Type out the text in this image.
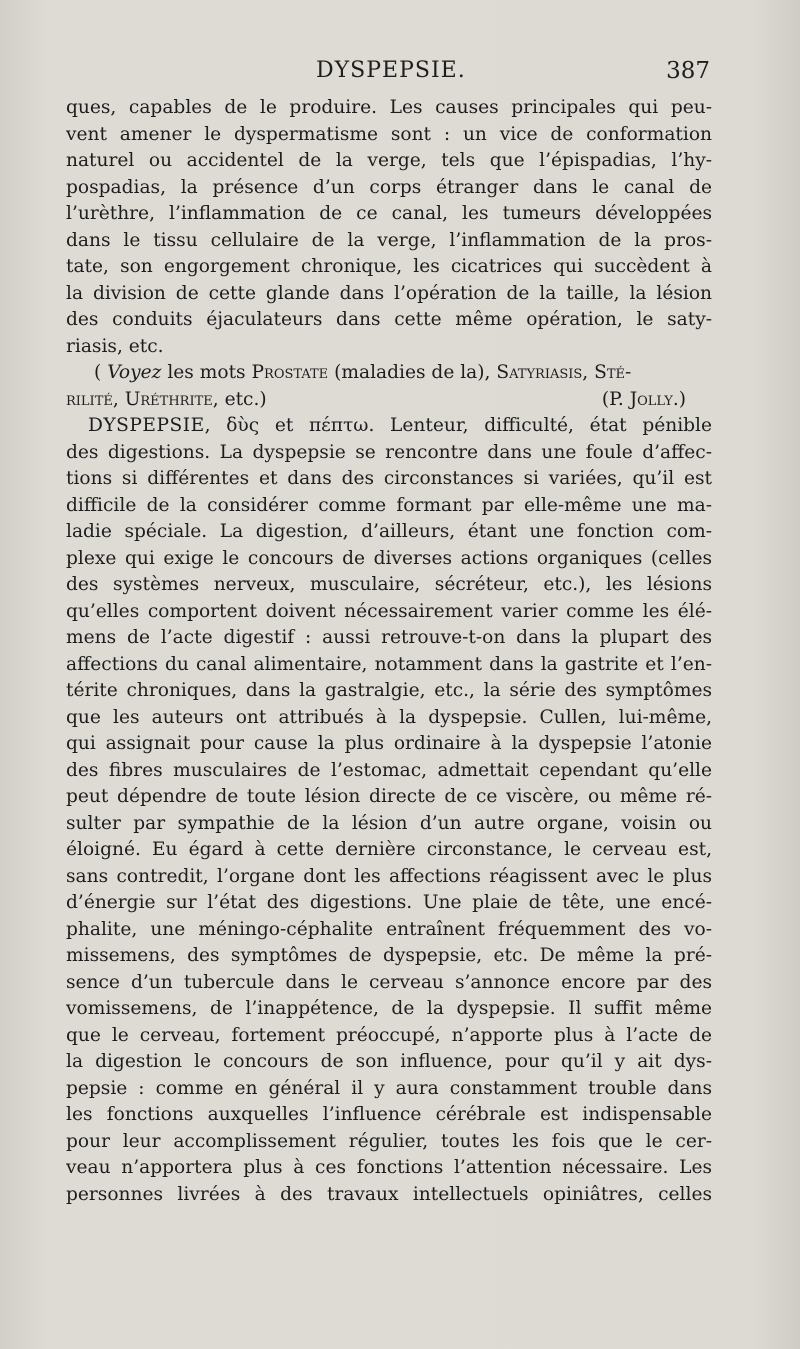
DYSPEPSIE.	387
ques, capables de le produire. Les causes principales qui peu-
vent amener le dyspermatisme sont : un vice de conformation
naturel ou accidentel de la verge, tels que l’épispadias, l’hy-
pospadias, la présence d’un corps étranger dans le canal de
l’urèthre, l’inflammation de ce canal, les tumeurs développées
dans le tissu cellulaire de la verge, l’inflammation de la pros-
tate, son engorgement chronique, les cicatrices qui succèdent à
la division de cette glande dans l’opération de la taille, la lésion
des conduits éjaculateurs dans cette même opération, le saty-
riasis, etc.
( Voyez les mots Prostate (maladies de la), Satyriasis, Sté-
rilité, Uréthrite, etc.)	(P. Jolly.)
DYSPEPSIE, δὺς et πέπτω. Lenteur, difficulté, état pénible
des digestions. La dyspepsie se rencontre dans une foule d’affec-
tions si différentes et dans des circonstances si variées, qu’il est
difficile de la considérer comme formant par elle-même une ma-
ladie spéciale. La digestion, d’ailleurs, étant une fonction com-
plexe qui exige le concours de diverses actions organiques (celles
des systèmes nerveux, musculaire, sécréteur, etc.), les lésions
qu’elles comportent doivent nécessairement varier comme les élé-
mens de l’acte digestif : aussi retrouve-t-on dans la plupart des
affections du canal alimentaire, notamment dans la gastrite et l’en-
térite chroniques, dans la gastralgie, etc., la série des symptômes
que les auteurs ont attribués à la dyspepsie. Cullen, lui-même,
qui assignait pour cause la plus ordinaire à la dyspepsie l’atonie
des fibres musculaires de l’estomac, admettait cependant qu’elle
peut dépendre de toute lésion directe de ce viscère, ou même ré-
sulter par sympathie de la lésion d’un autre organe, voisin ou
éloigné. Eu égard à cette dernière circonstance, le cerveau est,
sans contredit, l’organe dont les affections réagissent avec le plus
d’énergie sur l’état des digestions. Une plaie de tête, une encé-
phalite, une méningo-céphalite entraînent fréquemment des vo-
missemens, des symptômes de dyspepsie, etc. De même la pré-
sence d’un tubercule dans le cerveau s’annonce encore par des
vomissemens, de l’inappétence, de la dyspepsie. Il suffit même
que le cerveau, fortement préoccupé, n’apporte plus à l’acte de
la digestion le concours de son influence, pour qu’il y ait dys-
pepsie : comme en général il y aura constamment trouble dans
les fonctions auxquelles l’influence cérébrale est indispensable
pour leur accomplissement régulier, toutes les fois que le cer-
veau n’apportera plus à ces fonctions l’attention nécessaire. Les
personnes livrées à des travaux intellectuels opiniâtres, celles
